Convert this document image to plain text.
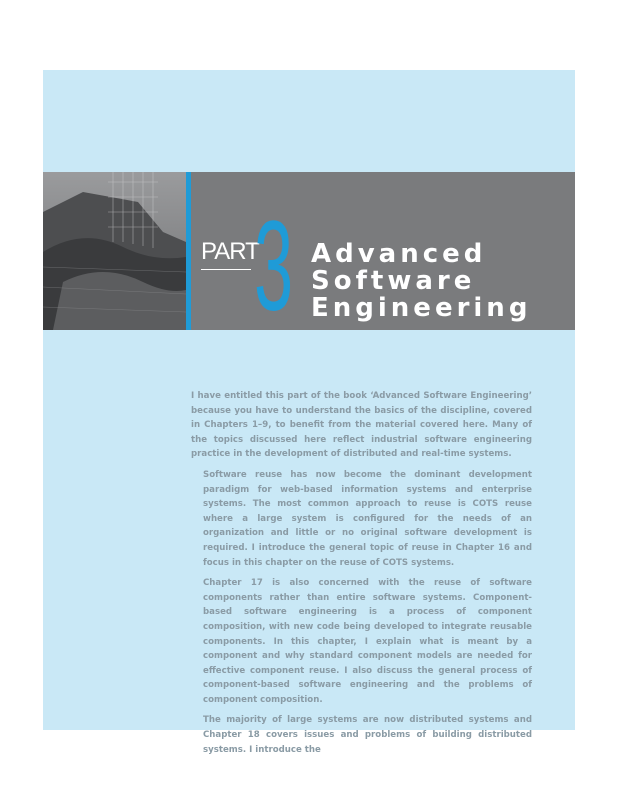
PART
3 Advanced
Software
Engineering

I have entitled this part of the book ‘Advanced Software Engineering’ because you have to understand the basics of the discipline, covered in Chapters 1–9, to benefit from the material covered here. Many of the topics discussed here reflect industrial software engineering practice in the development of distributed and real-time systems.

Software reuse has now become the dominant development paradigm for web-based information systems and enterprise systems. The most common approach to reuse is COTS reuse where a large system is configured for the needs of an organization and little or no original software development is required. I introduce the general topic of reuse in Chapter 16 and focus in this chapter on the reuse of COTS systems.

Chapter 17 is also concerned with the reuse of software components rather than entire software systems. Component-based software engineering is a process of component composition, with new code being developed to integrate reusable components. In this chapter, I explain what is meant by a component and why standard component models are needed for effective component reuse. I also discuss the general process of component-based software engineering and the problems of component composition.

The majority of large systems are now distributed systems and Chapter 18 covers issues and problems of building distributed systems. I introduce the
